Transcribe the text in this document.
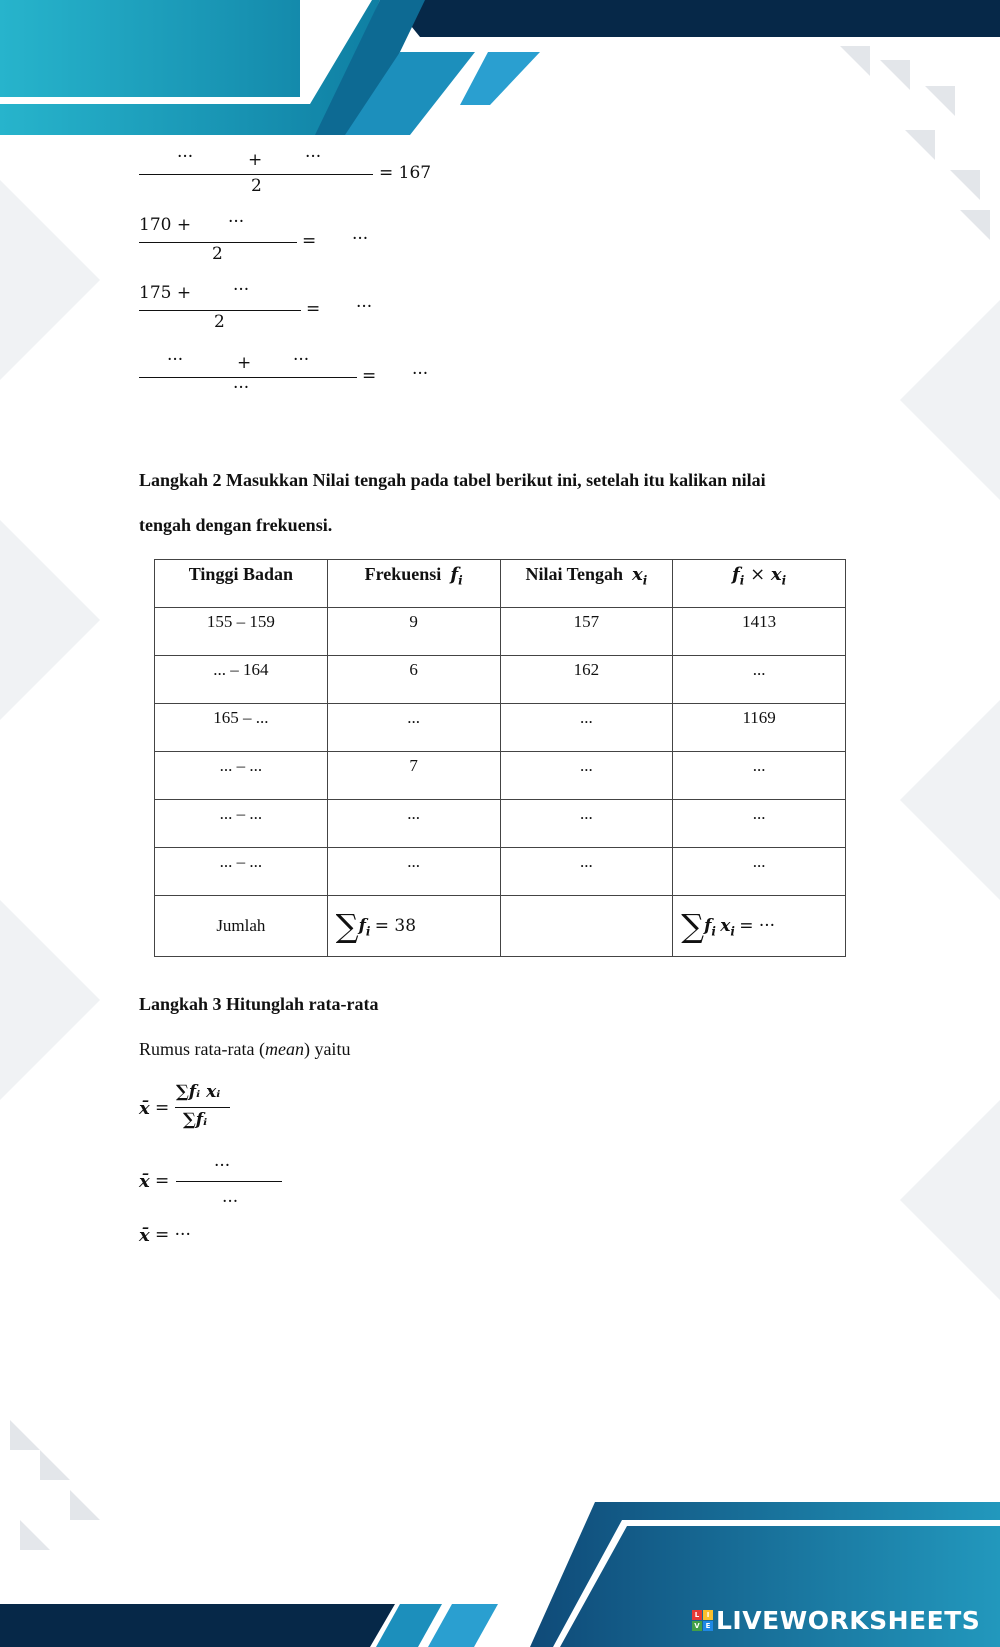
···	+	···
2
= 167
170 + ···
2
= ···
175 + ···
2
= ···
···	+ ···
···
= ···
Langkah 2 Masukkan Nilai tengah pada tabel berikut ini, setelah itu kalikan nilai
tengah dengan frekuensi.
Tinggi Badan	Frekuensi $f_i$	Nilai Tengah $x_i$	$f_i \times x_i$
155 – 159	9	157	1413
... – 164	6	162	...
165 – ...	...	...	1169
... – ...	7	...	...
... – ...	...	...	...
... – ...	...	...	...
Jumlah	$\sum f_i = 38$		$\sum f_i$ $x_i$ = ···
Langkah 3 Hitunglah rata-rata
Rumus rata-rata (mean) yaitu
x̄ =
∑fᵢ xᵢ
∑fᵢ
x̄ =
···
...
x̄ = ···
L	I
V E LIVEWORKSHEETS
